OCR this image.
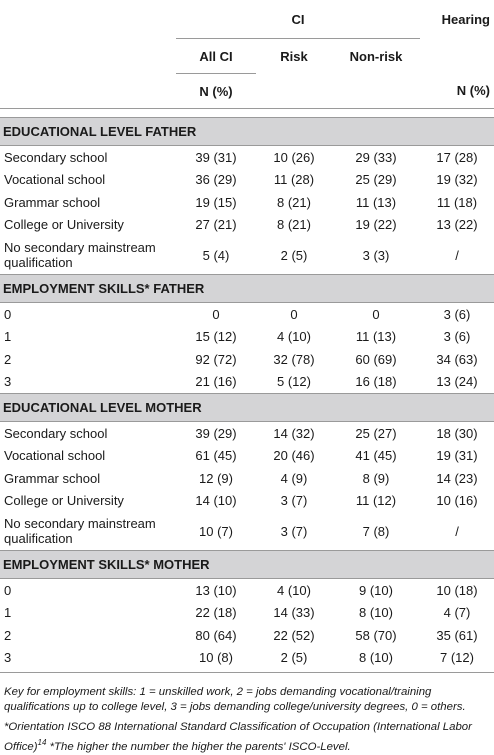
	CI			Hearing
	All CI	Risk	Non-risk	
	N (%)			N (%)

EDUCATIONAL LEVEL FATHER				
Secondary school	39 (31)	10 (26)	29 (33)	17 (28)
Vocational school	36 (29)	11 (28)	25 (29)	19 (32)
Grammar school	19 (15)	8 (21)	11 (13)	11 (18)
College or University	27 (21)	8 (21)	19 (22)	13 (22)
No secondary mainstream qualification	5 (4)	2 (5)	3 (3)	/
EMPLOYMENT SKILLS* FATHER				
0	0	0	0	3 (6)
1	15 (12)	4 (10)	11 (13)	3 (6)
2	92 (72)	32 (78)	60 (69)	34 (63)
3	21 (16)	5 (12)	16 (18)	13 (24)
EDUCATIONAL LEVEL MOTHER				
Secondary school	39 (29)	14 (32)	25 (27)	18 (30)
Vocational school	61 (45)	20 (46)	41 (45)	19 (31)
Grammar school	12 (9)	4 (9)	8 (9)	14 (23)
College or University	14 (10)	3 (7)	11 (12)	10 (16)
No secondary mainstream qualification	10 (7)	3 (7)	7 (8)	/
EMPLOYMENT SKILLS* MOTHER				
0	13 (10)	4 (10)	9 (10)	10 (18)
1	22 (18)	14 (33)	8 (10)	4 (7)
2	80 (64)	22 (52)	58 (70)	35 (61)
3	10 (8)	2 (5)	8 (10)	7 (12)

Key for employment skills: 1 = unskilled work, 2 = jobs demanding vocational/training qualifications up to college level, 3 = jobs demanding college/university degrees, 0 = others.

*Orientation ISCO 88 International Standard Classification of Occupation (International Labor Office)$^{14}$ *The higher the number the higher the parents' ISCO-Level.
